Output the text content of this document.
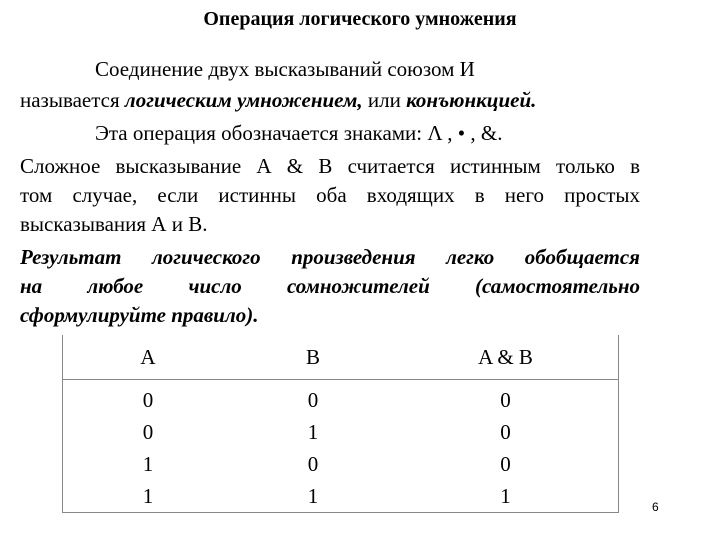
Операция логического умножения
Соединение двух высказываний союзом И
называется логическим умножением, или конъюнкцией.
Эта операция обозначается знаками: Λ , • , &.
Сложное высказывание А & В считается истинным только в
том случае, если истинны оба входящих в него простых
высказывания А и В.
Результат логического произведения легко обобщается
на любое число сомножителей (самостоятельно
сформулируйте правило).
A	B	A & B
0	0	0
0	1	0
1	0	0
1	1	1	6
